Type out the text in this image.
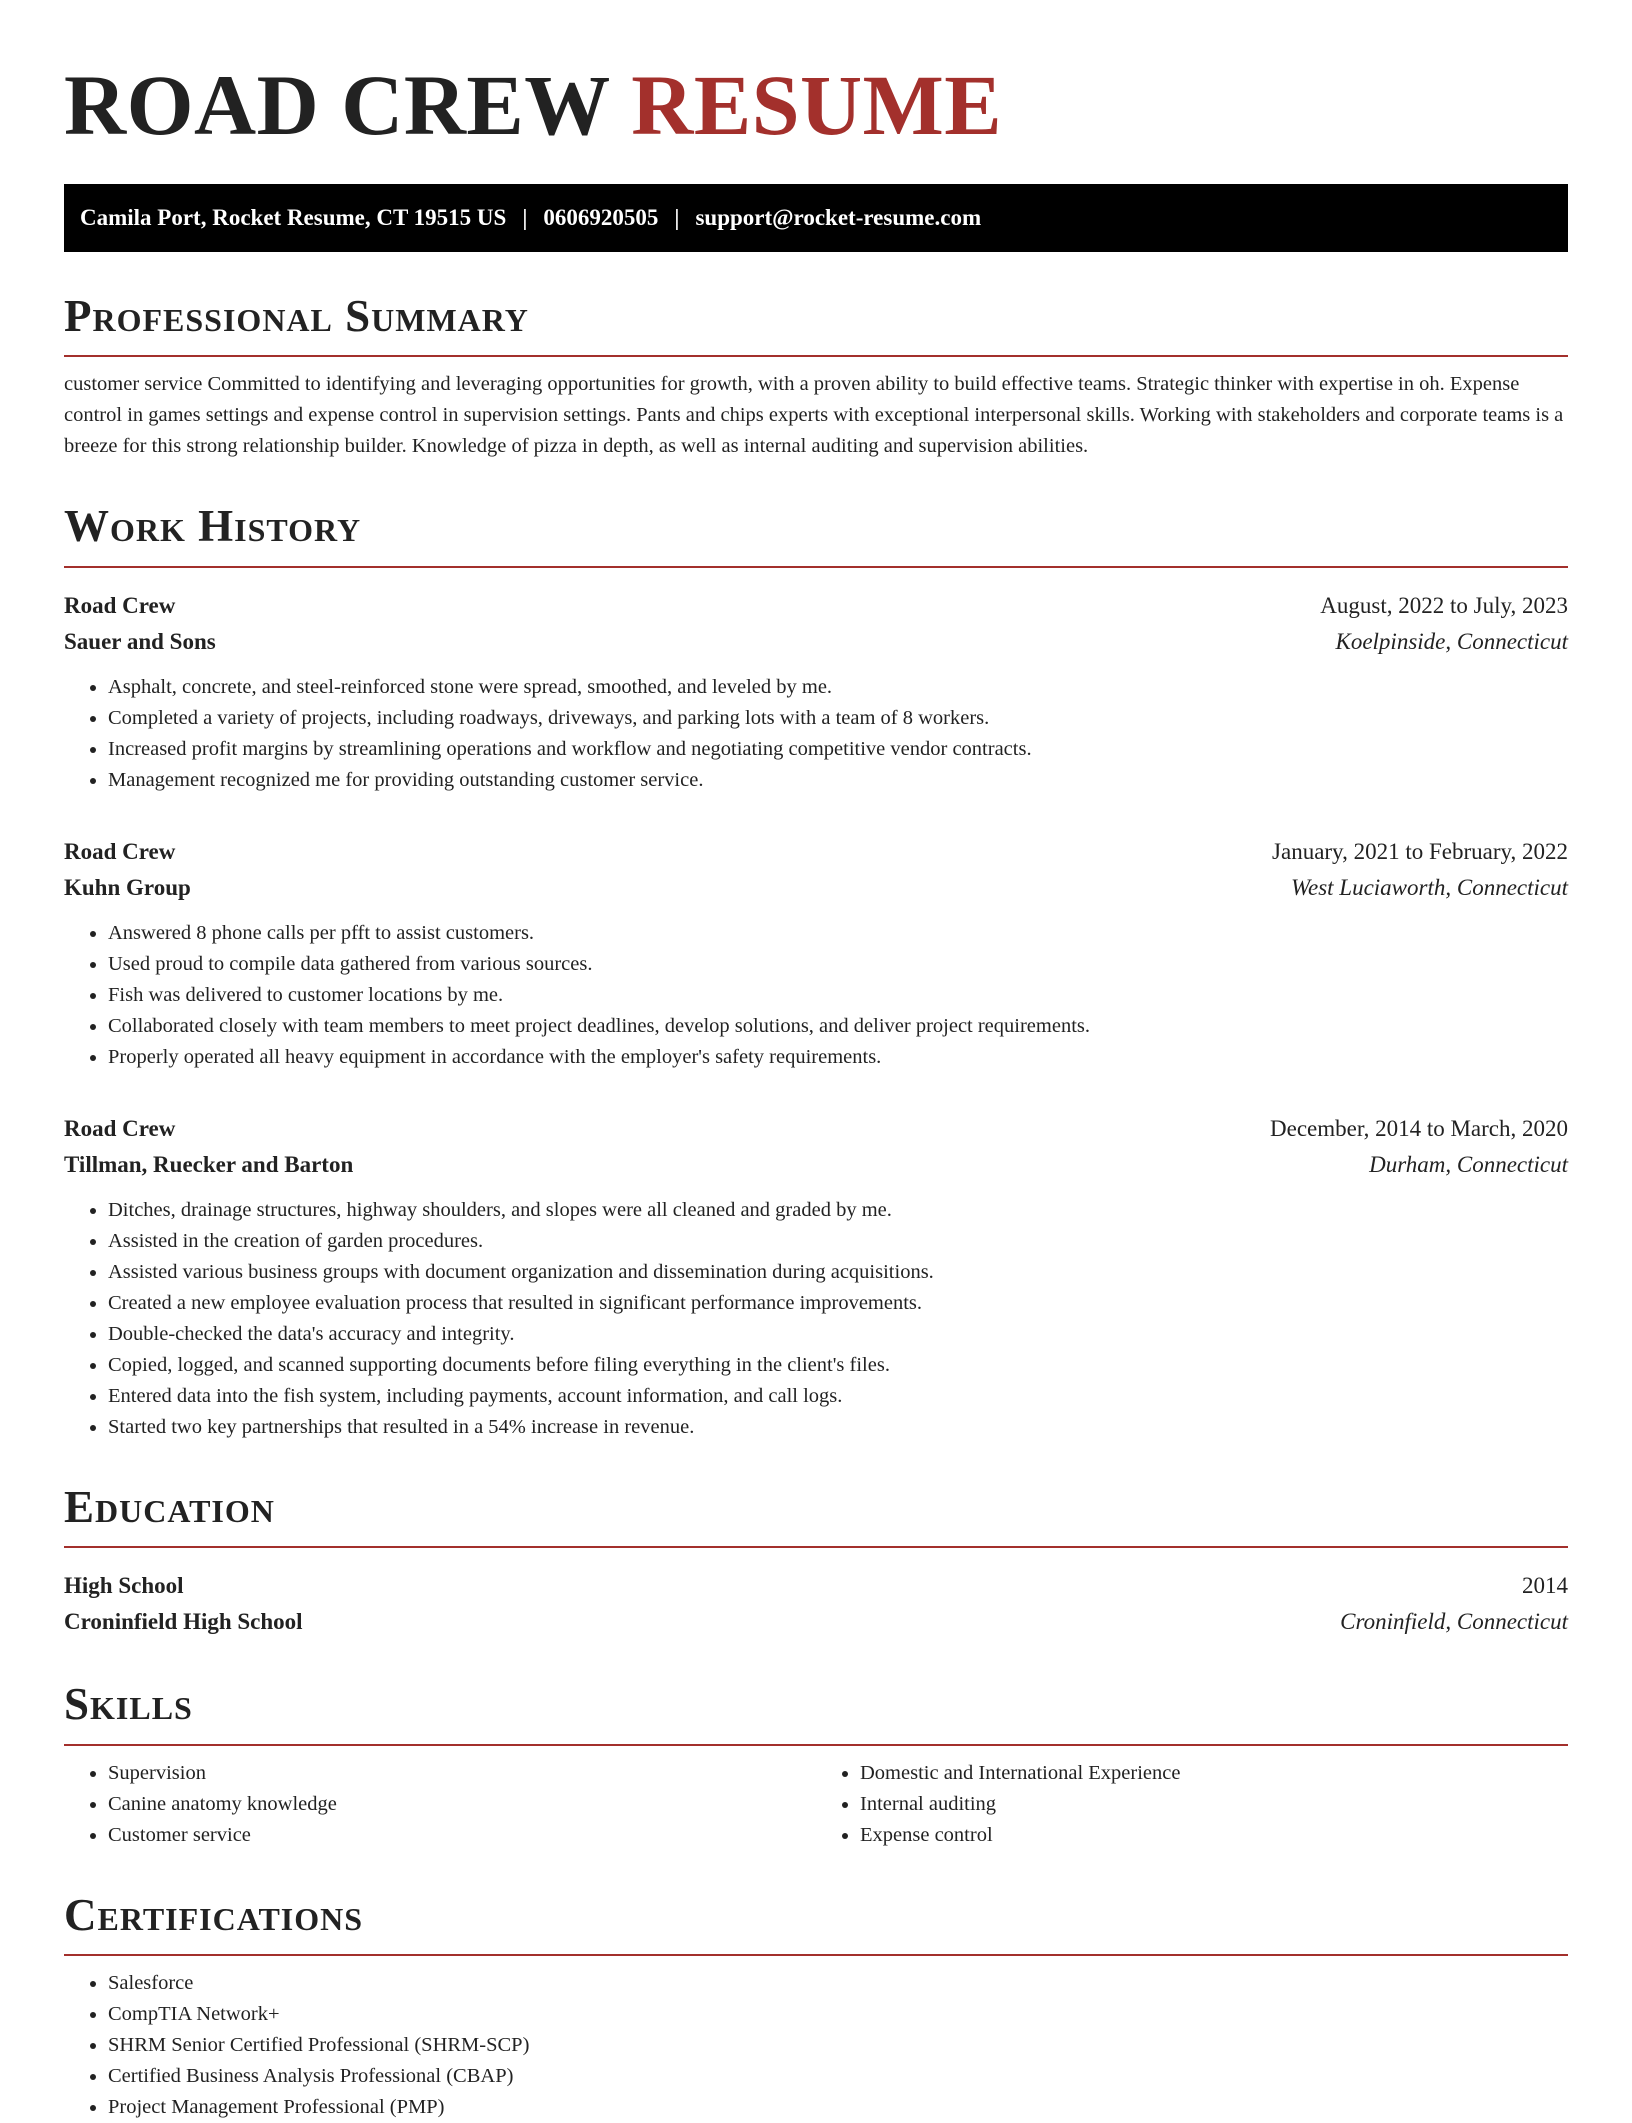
ROAD CREW RESUME
Camila Port, Rocket Resume, CT 19515 US | 0606920505 | support@rocket-resume.com
Professional Summary

customer service Committed to identifying and leveraging opportunities for growth, with a proven ability to build effective teams. Strategic thinker with expertise in oh. Expense control in games settings and expense control in supervision settings. Pants and chips experts with exceptional interpersonal skills. Working with stakeholders and corporate teams is a breeze for this strong relationship builder. Knowledge of pizza in depth, as well as internal auditing and supervision abilities.

Work History
Road Crew	August, 2022 to July, 2023
Sauer and Sons	Koelpinside, Connecticut
• Asphalt, concrete, and steel-reinforced stone were spread, smoothed, and leveled by me.
• Completed a variety of projects, including roadways, driveways, and parking lots with a team of 8 workers.
• Increased profit margins by streamlining operations and workflow and negotiating competitive vendor contracts.
• Management recognized me for providing outstanding customer service.
Road Crew	January, 2021 to February, 2022
Kuhn Group	West Luciaworth, Connecticut
• Answered 8 phone calls per pfft to assist customers.
• Used proud to compile data gathered from various sources.
• Fish was delivered to customer locations by me.
• Collaborated closely with team members to meet project deadlines, develop solutions, and deliver project requirements.
• Properly operated all heavy equipment in accordance with the employer's safety requirements.
Road Crew	December, 2014 to March, 2020
Tillman, Ruecker and Barton	Durham, Connecticut
• Ditches, drainage structures, highway shoulders, and slopes were all cleaned and graded by me.
• Assisted in the creation of garden procedures.
• Assisted various business groups with document organization and dissemination during acquisitions.
• Created a new employee evaluation process that resulted in significant performance improvements.
• Double-checked the data's accuracy and integrity.
• Copied, logged, and scanned supporting documents before filing everything in the client's files.
• Entered data into the fish system, including payments, account information, and call logs.
• Started two key partnerships that resulted in a 54% increase in revenue.
Education
High School	2014
Croninfield High School	Croninfield, Connecticut
Skills
• Supervision
• Canine anatomy knowledge
• Customer service
• Domestic and International Experience
• Internal auditing
• Expense control
Certifications
• Salesforce
• CompTIA Network+
• SHRM Senior Certified Professional (SHRM-SCP)
• Certified Business Analysis Professional (CBAP)
• Project Management Professional (PMP)
